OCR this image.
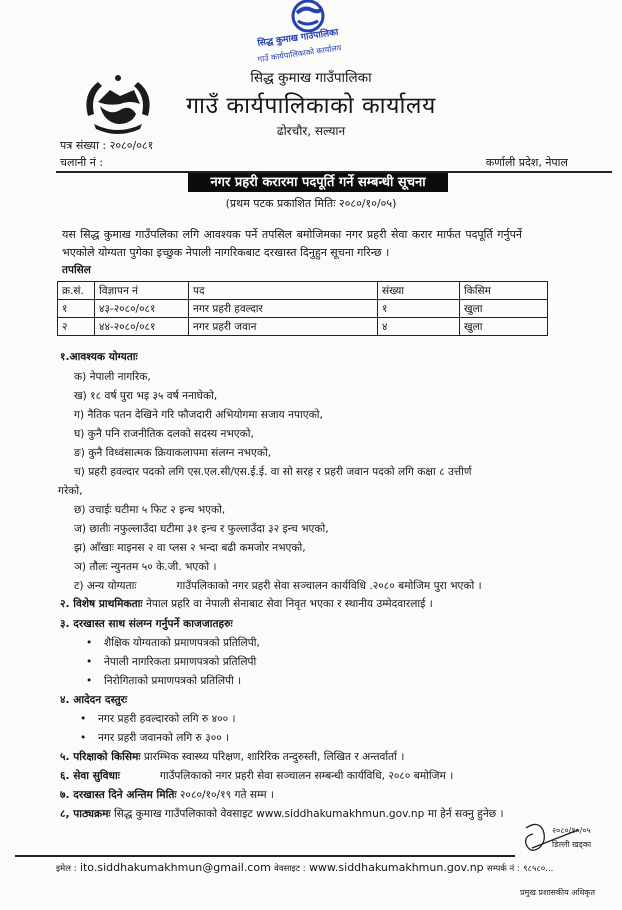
सिद्ध कुमाख गाउँपालिका
गाउँ कार्यपालिकाको कार्यालय
सिद्ध कुमाख गाउँपालिका
गाउँ कार्यपालिकाको कार्यालय
ढोरचौर, सल्यान
पत्र संख्या : २०८०/०८१
चलानी नं :	कर्णाली प्रदेश, नेपाल
नगर प्रहरी करारमा पदपूर्ति गर्ने सम्बन्धी सूचना
(प्रथम पटक प्रकाशित मितिः २०८०/१०/०५)
यस सिद्ध कुमाख गाउँपलिका लगि आवश्यक पर्ने तपसिल बमोजिमका नगर प्रहरी सेवा करार मार्फत पदपूर्ति गर्नुपर्ने
भएकोले योग्यता पुगेका इच्छुक नेपाली नागरिकबाट दरखास्त दिनुहुन सूचना गरिन्छ ।
तपसिल
क्र.सं.	विज्ञापन नं	पद	संख्या	किसिम
१	४३-२०८०/०८१	नगर प्रहरी हवल्दार	१	खुला
२	४४-२०८०/०८१	नगर प्रहरी जवान	४	खुला
१.आवश्यक योग्यताः
क) नेपाली नागरिक,
ख) १८ वर्ष पुरा भइ ३५ वर्ष ननाघेको,
ग) नैतिक पतन देखिने गरि फौजदारी अभियोगमा सजाय नपाएको,
घ) कुनै पनि राजनीतिक दलको सदस्य नभएको,
ङ) कुनै विध्वंसात्मक क्रियाकलापमा संलग्न नभएको,
च) प्रहरी हवल्दार पदको लगि एस.एल.सी/एस.ई.ई. वा सो सरह र प्रहरी जवान पदको लगि कक्षा ८ उत्तीर्ण
गरेको,
छ) उचाईः घटीमा ५ फिट २ इन्च भएको,
ज) छातीः नफुल्लाउँदा घटीमा ३१ इन्च र फुल्लाउँदा ३२ इन्च भएको,
झ) आँखाः माइनस २ वा प्लस २ भन्दा बढी कमजोर नभएको,
ञ) तौलः न्युनतम ५० के.जी. भएको ।
ट) अन्य योग्यताः	गाउँपलिकाको नगर प्रहरी सेवा सञ्चालन कार्यविधि .२०८० बमोजिम पुरा भएको ।
२. विशेष प्राथमिकताः नेपाल प्रहरि वा नेपाली सेनाबाट सेवा निवृत भएका र स्थानीय उम्मेदवारलाई ।
३. दरखास्त साथ संलग्न गर्नुपर्ने काजजातहरुः
• शैक्षिक योग्यताको प्रमाणपत्रको प्रतिलिपी,
• नेपाली नागरिकता प्रमाणपत्रको प्रतिलिपी
• निरोगिताको प्रमाणपत्रको प्रतिलिपी ।
४. आदेदन दस्तुरः
• नगर प्रहरी हवल्दारको लगि रु ४०० ।
• नगर प्रहरी जवानको लगि रु ३०० ।
५. परिक्षाको किसिमः प्रारम्भिक स्वास्थ्य परिक्षण, शारिरिक तन्दुरुस्ती, लिखित र अन्तर्वार्ता ।
६. सेवा सुविधाः	गाउँपलिकाको नगर प्रहरी सेवा सञ्चालन सम्बन्धी कार्यविधि, २०८० बमोजिम ।
७. दरखास्त दिने अन्तिम मितिः २०८०/१०/१९ गते सम्म ।
८, पाठ्यक्रमः सिद्ध कुमाख गाउँपलिकाको वेवसाइट www.siddhakumakhmun.gov.np मा हेर्न सक्नु हुनेछ ।
२०८०/१०/०५
डिल्ली खड्का
प्रमुख प्रशासकीय अधिकृत
इमेल : ito.siddhakumakhmun@gmail.com वेवसाइट : www.siddhakumakhmun.gov.np सम्पर्क नं : ९८५८०...
